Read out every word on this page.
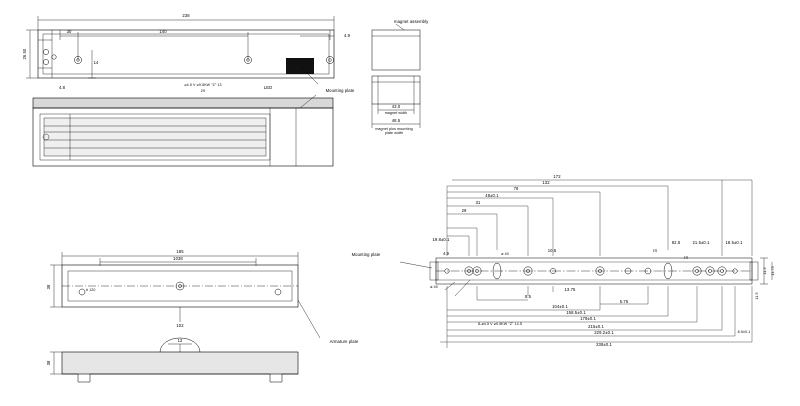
238
140
30
4.9
26.50
14
4.8	⌀4.5 V ⌀9.5KW "Z" 13
29
LED
Mounting plate
magnet assembly
43.0
magnet width
48.5
magnet plus mounting plate width
185
1038
38
# 120
102
12
38
Armature plate
Mounting plate
8-ø4.5 V ⌀9.5KW "Z" 14.5
172
132
78
48±0.1
31
29
19.8±0.1
4.9
10.5
8.5
13.75
5.75
r4
r4
82.5	21.5±0.1	18.5±0.1
11.5 13.75
11.5
ø 40
ø 40
104±0.1
158.5±0.1
179±0.1
215±0.1
229.2±0.1
238±0.1
8.5±0.1
